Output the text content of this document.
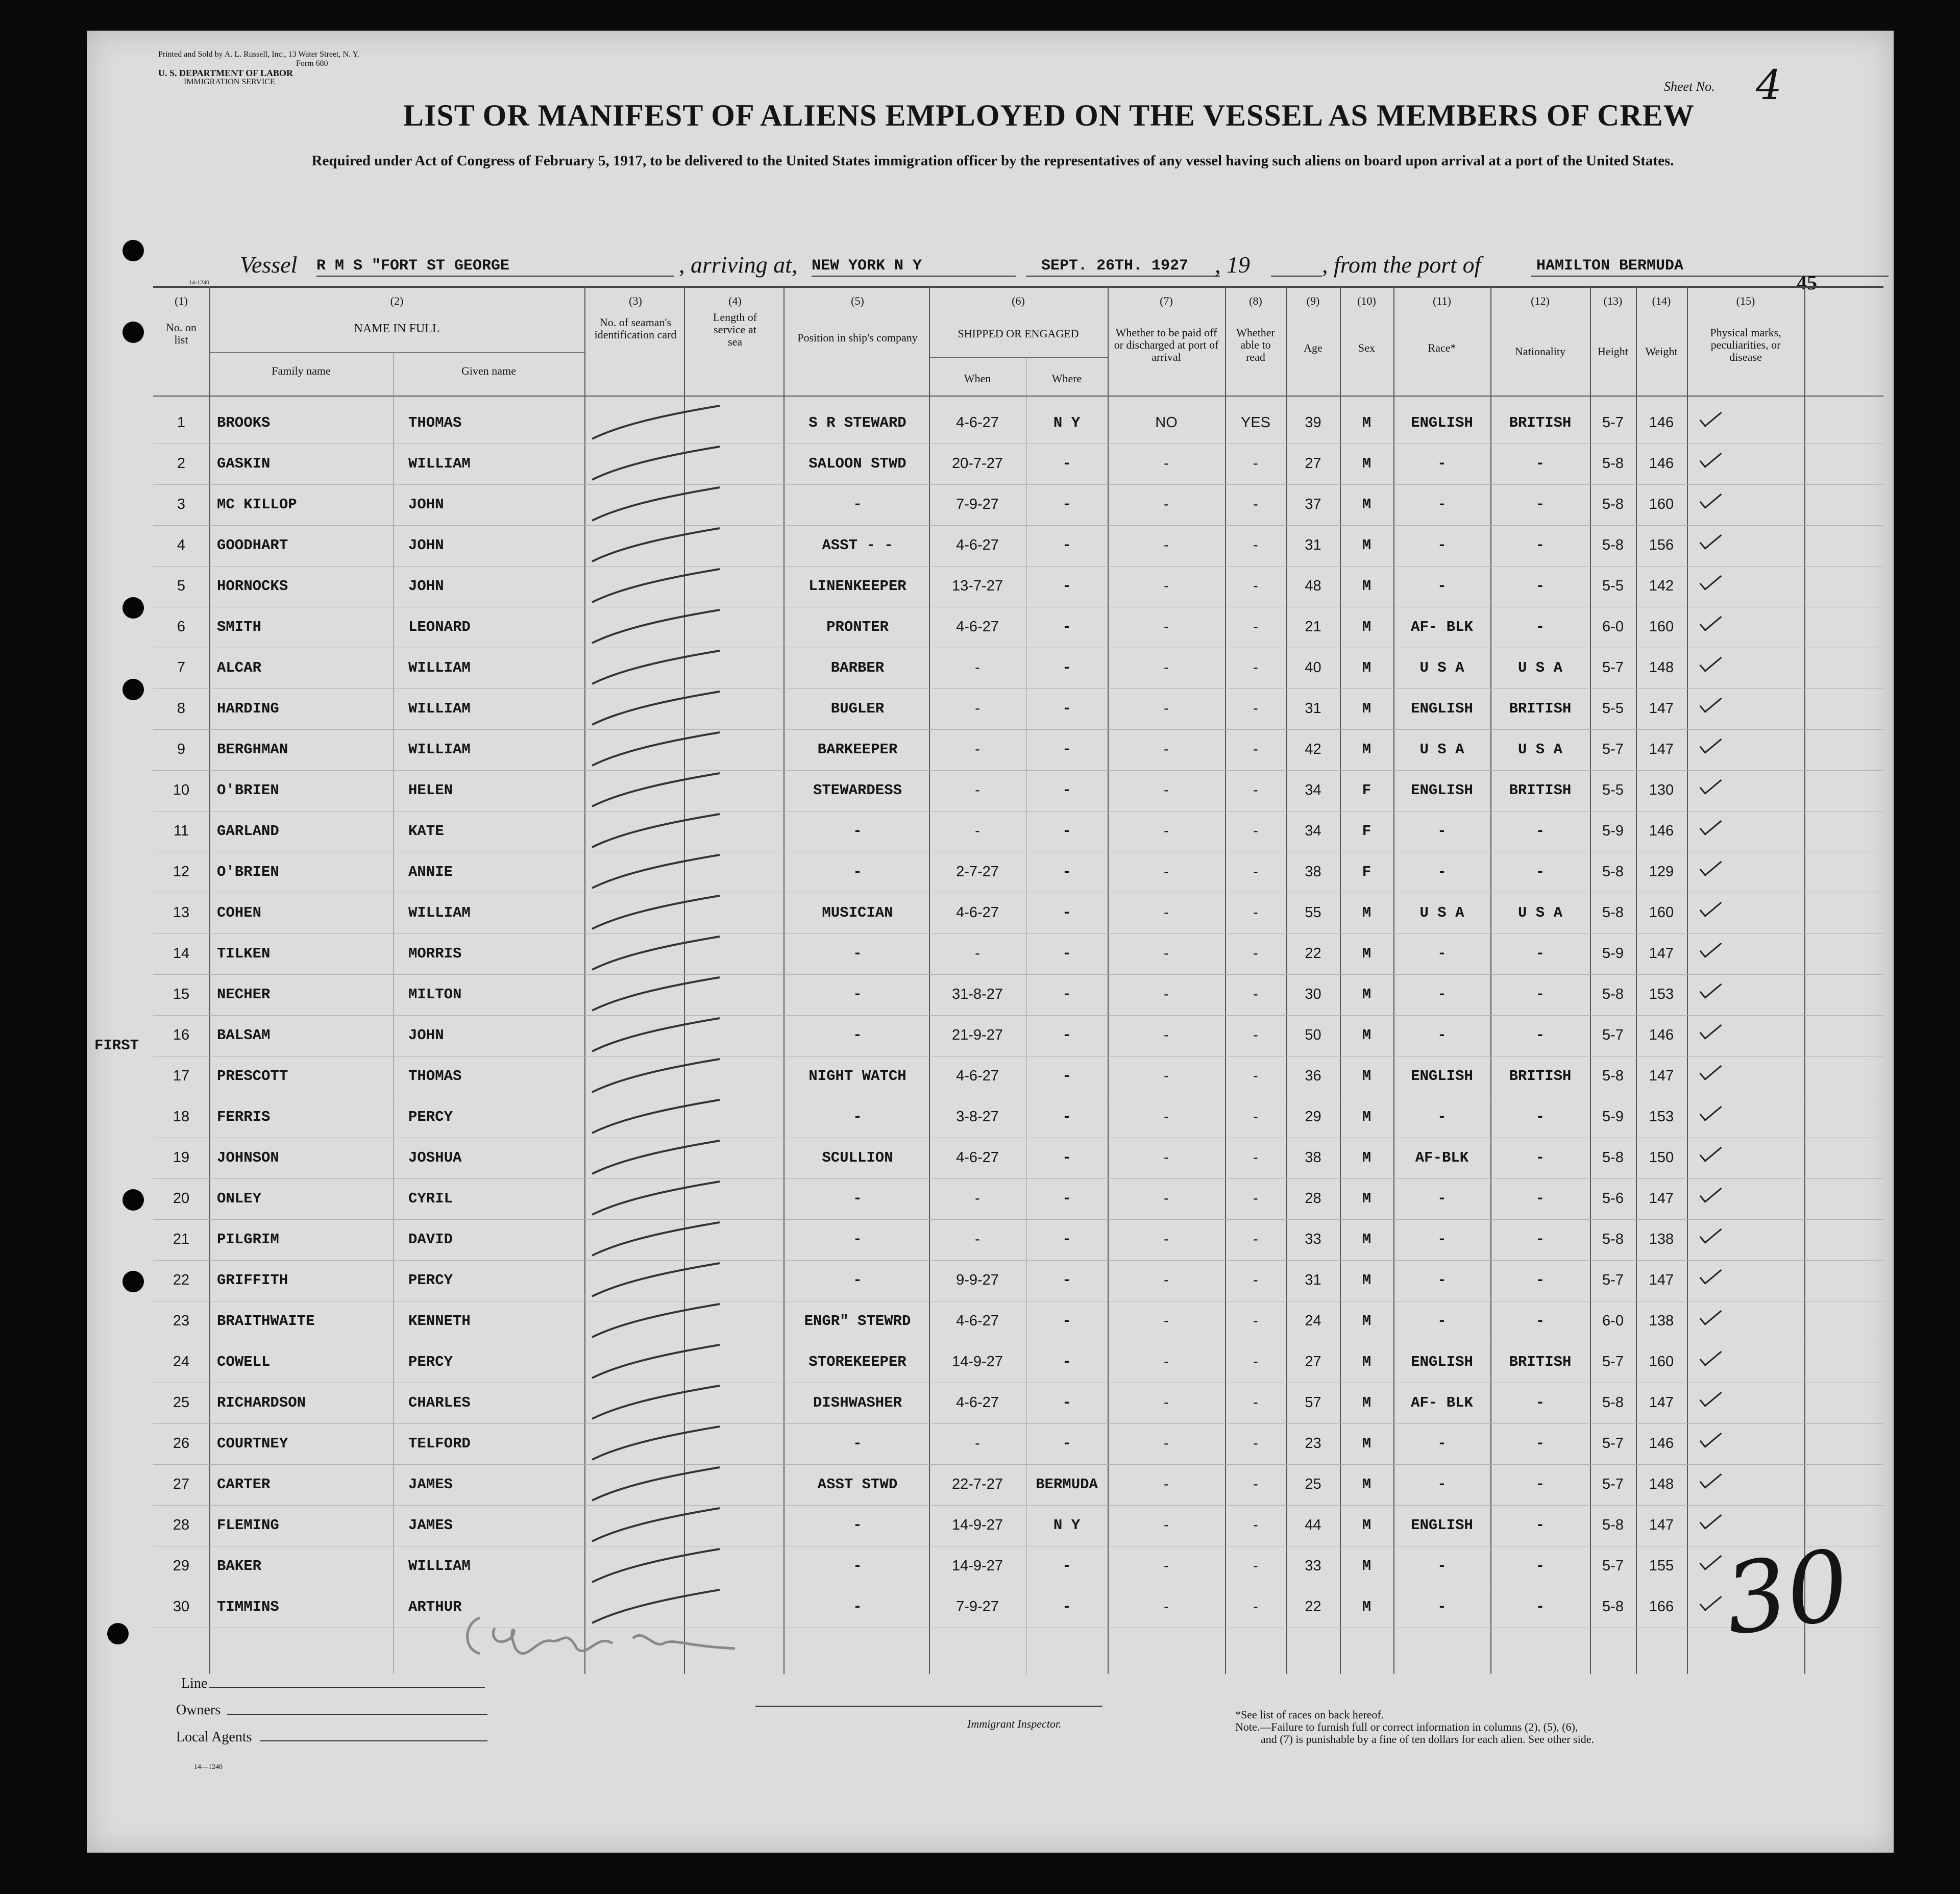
Printed and Sold by A. L. Russell, Inc., 13 Water Street, N. Y.
Form 680
U. S. DEPARTMENT OF LABOR
IMMIGRATION SERVICE	Sheet No. 4
LIST OR MANIFEST OF ALIENS EMPLOYED ON THE VESSEL AS MEMBERS OF CREW
Required under Act of Congress of February 5, 1917, to be delivered to the United States immigration officer by the representatives of any vessel having such aliens on board upon arrival at a port of the United States.
Vessel R M S "FORT ST GEORGE	, arriving at, NEW YORK N Y	SEPT. 26TH. 1927 , 19	, from the port of	HAMILTON BERMUDA
45
14-1240
(1)
No. on list
(2)
NAME IN FULL
Family name	Given name
(3)
No. of seaman's identification card
(4)
Length of service at sea
(5)
Position in ship's company
(6)
SHIPPED OR ENGAGED
When	Where
(7)
Whether to be paid off or discharged at port of arrival
(8)
Whether able to read
(9)
Age
(10)
Sex
(11)
Race*
(12)
Nationality
(13)
Height
(14)
Weight
(15)
Physical marks, peculiarities, or disease
FIRST
1	BROOKS	THOMAS	S R STEWARD	4-6-27	N Y	NO	YES	39	M	ENGLISH	BRITISH	5-7	146
2	GASKIN	WILLIAM	SALOON STWD	20-7-27	-	-	-	27	M	-	-	5-8	146
3	MC KILLOP	JOHN	-	7-9-27	-	-	-	37	M	-	-	5-8	160
4	GOODHART	JOHN	ASST - -	4-6-27	-	-	-	31	M	-	-	5-8	156
5	HORNOCKS	JOHN	LINENKEEPER	13-7-27	-	-	-	48	M	-	-	5-5	142
6	SMITH	LEONARD	PRONTER	4-6-27	-	-	-	21	M	AF- BLK	-	6-0	160
7	ALCAR	WILLIAM	BARBER	-	-	-	-	40	M	U S A	U S A	5-7	148
8	HARDING	WILLIAM	BUGLER	-	-	-	-	31	M	ENGLISH	BRITISH	5-5	147
9	BERGHMAN	WILLIAM	BARKEEPER	-	-	-	-	42	M	U S A	U S A	5-7	147
10	O'BRIEN	HELEN	STEWARDESS	-	-	-	-	34	F	ENGLISH	BRITISH	5-5	130
11	GARLAND	KATE	-	-	-	-	-	34	F	-	-	5-9	146
12	O'BRIEN	ANNIE	-	2-7-27	-	-	-	38	F	-	-	5-8	129
13	COHEN	WILLIAM	MUSICIAN	4-6-27	-	-	-	55	M	U S A	U S A	5-8	160
14	TILKEN	MORRIS	-	-	-	-	-	22	M	-	-	5-9	147
15	NECHER	MILTON	-	31-8-27	-	-	-	30	M	-	-	5-8	153
16	BALSAM	JOHN	-	21-9-27	-	-	-	50	M	-	-	5-7	146
17	PRESCOTT	THOMAS	NIGHT WATCH	4-6-27	-	-	-	36	M	ENGLISH	BRITISH	5-8	147
18	FERRIS	PERCY	-	3-8-27	-	-	-	29	M	-	-	5-9	153
19	JOHNSON	JOSHUA	SCULLION	4-6-27	-	-	-	38	M	AF-BLK	-	5-8	150
20	ONLEY	CYRIL	-	-	-	-	-	28	M	-	-	5-6	147
21	PILGRIM	DAVID	-	-	-	-	-	33	M	-	-	5-8	138
22	GRIFFITH	PERCY	-	9-9-27	-	-	-	31	M	-	-	5-7	147
23	BRAITHWAITE	KENNETH	ENGR" STEWRD	4-6-27	-	-	-	24	M	-	-	6-0	138
24	COWELL	PERCY	STOREKEEPER	14-9-27	-	-	-	27	M	ENGLISH	BRITISH	5-7	160
25	RICHARDSON	CHARLES	DISHWASHER	4-6-27	-	-	-	57	M	AF- BLK	-	5-8	147
26	COURTNEY	TELFORD	-	-	-	-	-	23	M	-	-	5-7	146
27	CARTER	JAMES	ASST STWD	22-7-27	BERMUDA	-	-	25	M	-	-	5-7	148
28	FLEMING	JAMES	-	14-9-27	N Y	-	-	44	M	ENGLISH	-	5-8	147
29	BAKER	WILLIAM	-	14-9-27	-	-	-	33	M	-	-	5-7	155
30	TIMMINS	ARTHUR	-	7-9-27	-	-	-	22	M	-	-	5-8	166 30
Line
Owners
Local Agents
14—1240
Immigrant Inspector.
*See list of races on back hereof.
Note.—Failure to furnish full or correct information in columns (2), (5), (6),
and (7) is punishable by a fine of ten dollars for each alien. See other side.
